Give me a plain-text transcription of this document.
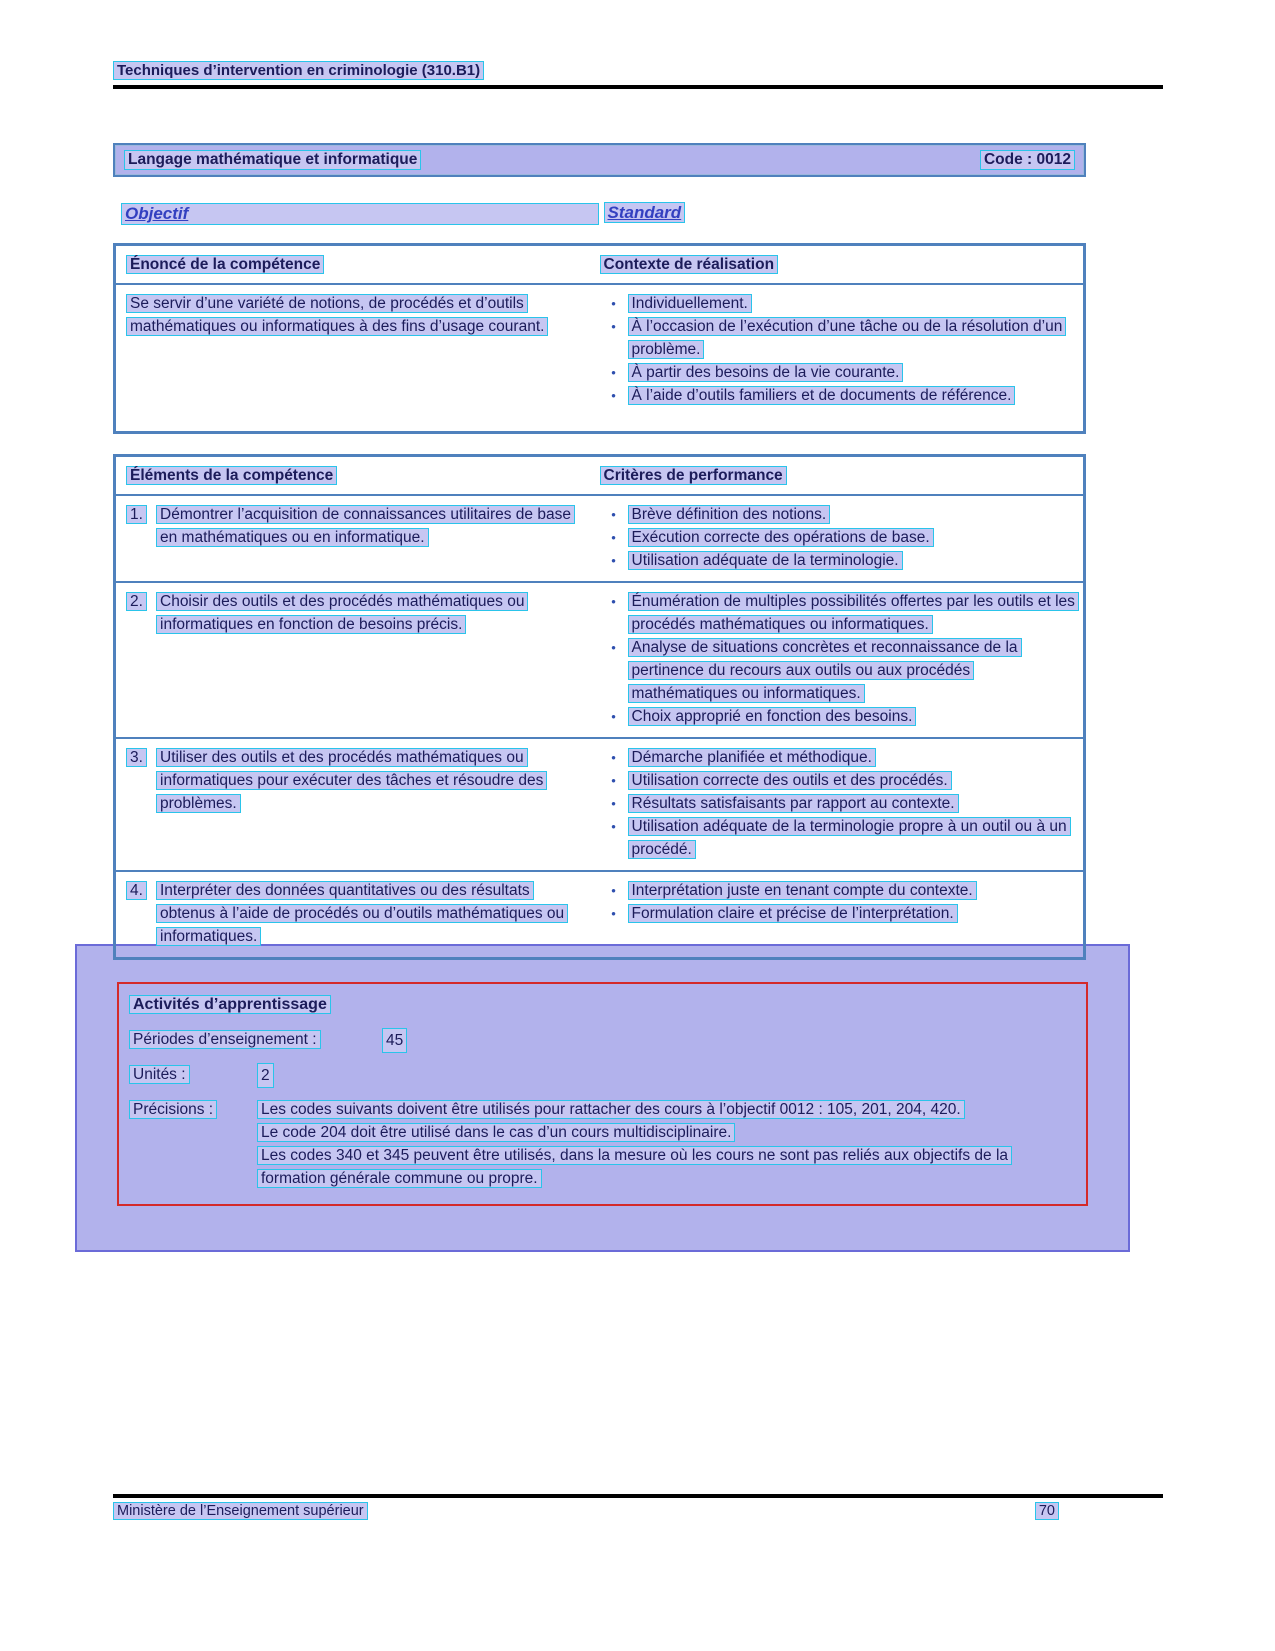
Techniques d’intervention en criminologie (310.B1)
Langage mathématique et informatique	Code : 0012
Objectif	Standard
Énoncé de la compétence	Contexte de réalisation
Se servir d’une variété de notions, de procédés et d’outils mathématiques ou informatiques à des fins d’usage courant.
•	Individuellement.
•	À l’occasion de l’exécution d’une tâche ou de la résolution d’un problème.
•	À partir des besoins de la vie courante.
•	À l’aide d’outils familiers et de documents de référence.
Éléments de la compétence	Critères de performance
1.	Démontrer l’acquisition de connaissances utilitaires de base en mathématiques ou en informatique.
•	Brève définition des notions.
•	Exécution correcte des opérations de base.
•	Utilisation adéquate de la terminologie.
2.	Choisir des outils et des procédés mathématiques ou informatiques en fonction de besoins précis.
•	Énumération de multiples possibilités offertes par les outils et les procédés mathématiques ou informatiques.
•	Analyse de situations concrètes et reconnaissance de la pertinence du recours aux outils ou aux procédés mathématiques ou informatiques.
•	Choix approprié en fonction des besoins.
3.	Utiliser des outils et des procédés mathématiques ou informatiques pour exécuter des tâches et résoudre des problèmes.
•	Démarche planifiée et méthodique.
•	Utilisation correcte des outils et des procédés.
•	Résultats satisfaisants par rapport au contexte.
•	Utilisation adéquate de la terminologie propre à un outil ou à un procédé.
4.	Interpréter des données quantitatives ou des résultats obtenus à l’aide de procédés ou d’outils mathématiques ou informatiques.
•	Interprétation juste en tenant compte du contexte.
•	Formulation claire et précise de l’interprétation.
Activités d’apprentissage
Périodes d’enseignement :	45
Unités :	2
Précisions :	Les codes suivants doivent être utilisés pour rattacher des cours à l’objectif 0012 : 105, 201, 204, 420.
Le code 204 doit être utilisé dans le cas d’un cours multidisciplinaire.
Les codes 340 et 345 peuvent être utilisés, dans la mesure où les cours ne sont pas reliés aux objectifs de la formation générale commune ou propre.
Ministère de l’Enseignement supérieur	70
